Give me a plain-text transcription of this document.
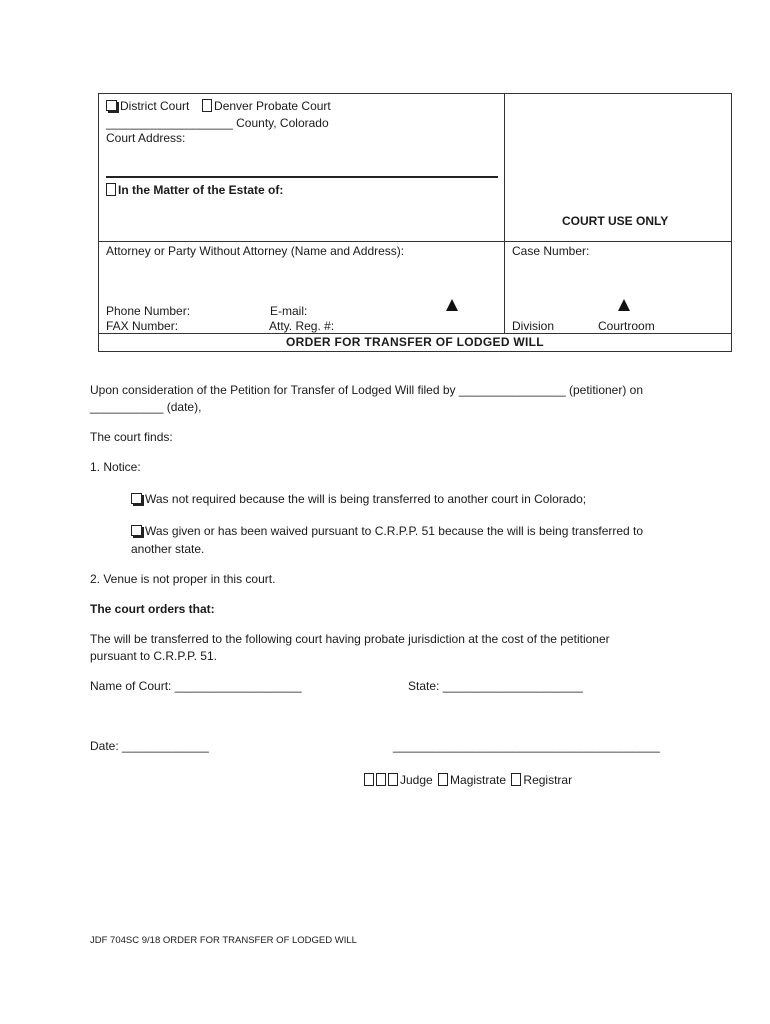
District Court Denver Probate Court
___________________ County, Colorado
Court Address:
In the Matter of the Estate of:
COURT USE ONLY
Attorney or Party Without Attorney (Name and Address):	Case Number:
Phone Number:	E-mail:
FAX Number:	Atty. Reg. #:	Division	Courtroom
ORDER FOR TRANSFER OF LODGED WILL
Upon consideration of the Petition for Transfer of Lodged Will filed by ________________ (petitioner) on
___________ (date),
The court finds:
1. Notice:
Was not required because the will is being transferred to another court in Colorado;
Was given or has been waived pursuant to C.R.P.P. 51 because the will is being transferred to
another state.
2. Venue is not proper in this court.
The court orders that:
The will be transferred to the following court having probate jurisdiction at the cost of the petitioner
pursuant to C.R.P.P. 51.
Name of Court: ___________________	State: _____________________
Date: _____________	________________________________________
Judge Magistrate Registrar
JDF 704SC 9/18 ORDER FOR TRANSFER OF LODGED WILL
